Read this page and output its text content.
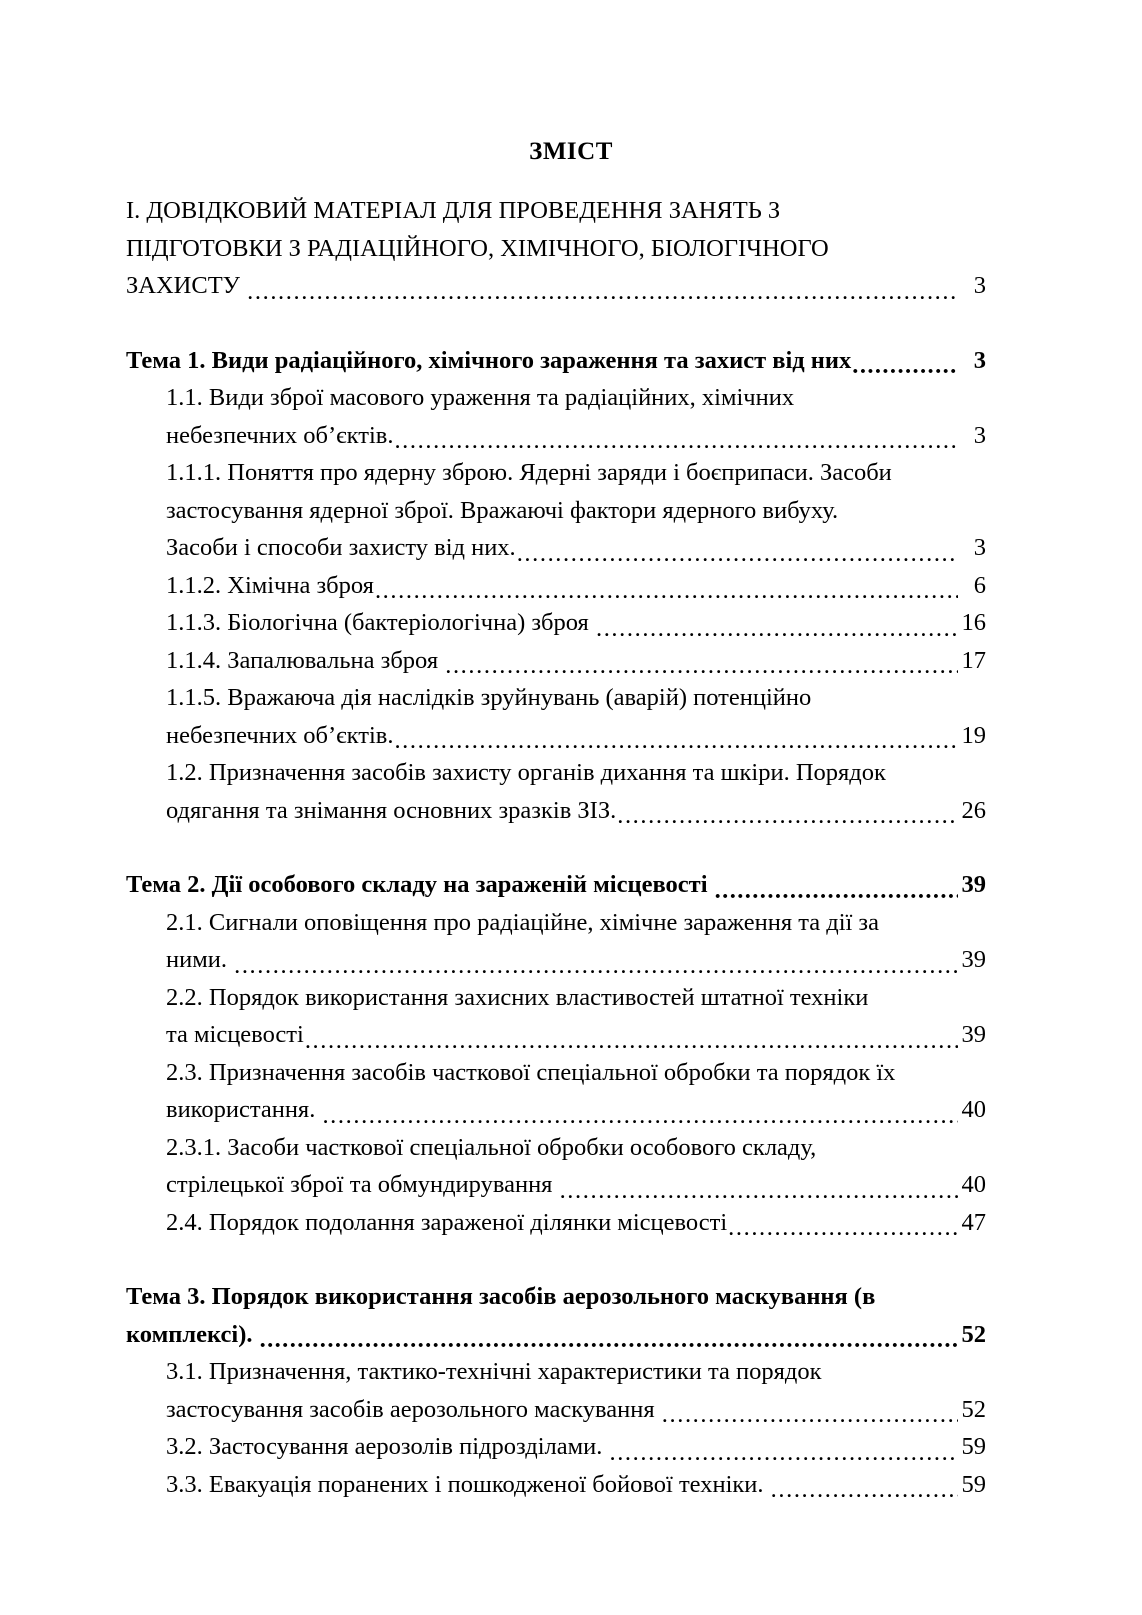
ЗМІСТ
I. ДОВІДКОВИЙ МАТЕРІАЛ ДЛЯ ПРОВЕДЕННЯ ЗАНЯТЬ З
ПІДГОТОВКИ З РАДІАЦІЙНОГО, ХІМІЧНОГО, БІОЛОГІЧНОГО
ЗАХИСТУ .....	3
Тема 1. Види радіаційного, хімічного зараження та захист від них .....	3
1.1. Види зброї масового ураження та радіаційних, хімічних
небезпечних об’єктів. .....	3
1.1.1. Поняття про ядерну зброю. Ядерні заряди і боєприпаси. Засоби
застосування ядерної зброї. Вражаючі фактори ядерного вибуху.
Засоби і способи захисту від них. .....	3
1.1.2. Хімічна зброя .....	6
1.1.3. Біологічна (бактеріологічна) зброя .....	16
1.1.4. Запалювальна зброя .....	17
1.1.5. Вражаюча дія наслідків зруйнувань (аварій) потенційно
небезпечних об’єктів. .....	19
1.2. Призначення засобів захисту органів дихання та шкіри. Порядок
одягання та знімання основних зразків ЗІЗ. .....	26
Тема 2. Дії особового складу на зараженій місцевості .....	39
2.1. Сигнали оповіщення про радіаційне, хімічне зараження та дії за
ними. .....	39
2.2. Порядок використання захисних властивостей штатної техніки
та місцевості .....	39
2.3. Призначення засобів часткової спеціальної обробки та порядок їх
використання. .....	40
2.3.1. Засоби часткової спеціальної обробки особового складу,
стрілецької зброї та обмундирування .....	40
2.4. Порядок подолання зараженої ділянки місцевості .....	47
Тема 3. Порядок використання засобів аерозольного маскування (в
комплексі). .....	52
3.1. Призначення, тактико-технічні характеристики та порядок
застосування засобів аерозольного маскування .....	52
3.2. Застосування аерозолів підрозділами. .....	59
3.3. Евакуація поранених і пошкодженої бойової техніки. .....	59
